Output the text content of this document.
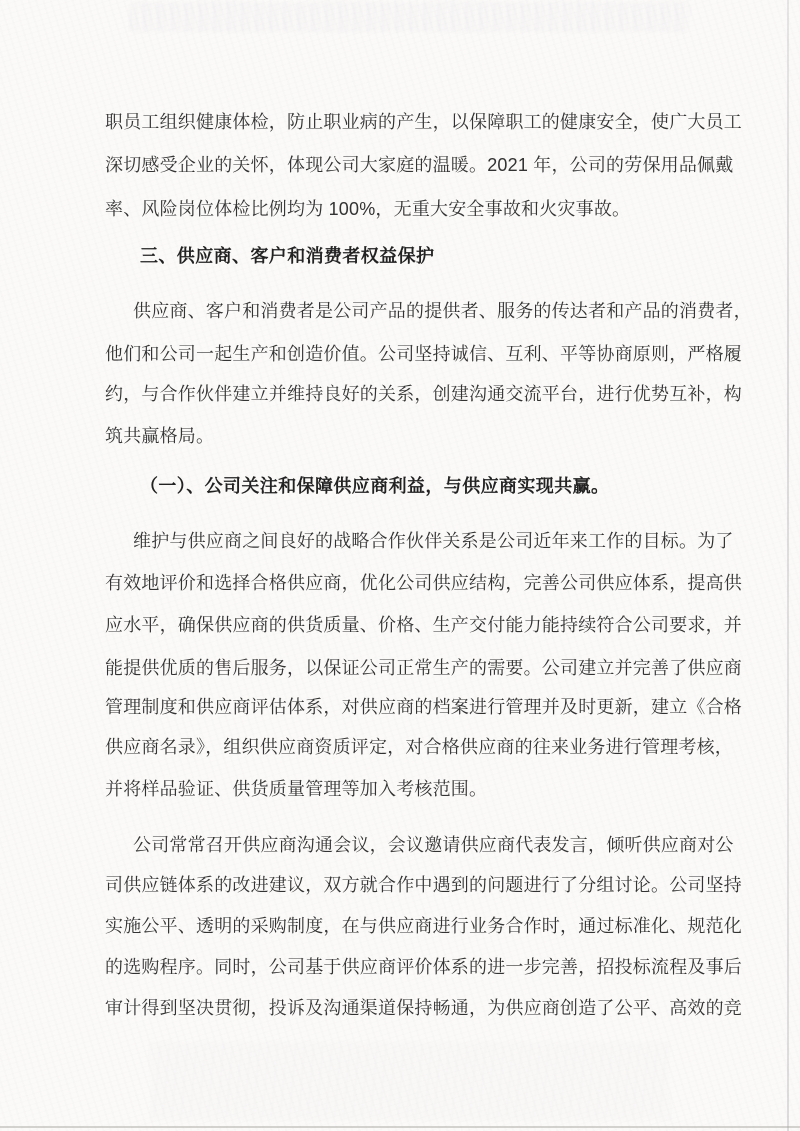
职员工组织健康体检，防止职业病的产生，以保障职工的健康安全，使广大员工
深切感受企业的关怀，体现公司大家庭的温暖。2021 年，公司的劳保用品佩戴
率、风险岗位体检比例均为 100%，无重大安全事故和火灾事故。
三、供应商、客户和消费者权益保护
供应商、客户和消费者是公司产品的提供者、服务的传达者和产品的消费者，
他们和公司一起生产和创造价值。公司坚持诚信、互利、平等协商原则，严格履
约，与合作伙伴建立并维持良好的关系，创建沟通交流平台，进行优势互补，构
筑共赢格局。
（一）、公司关注和保障供应商利益，与供应商实现共赢。
维护与供应商之间良好的战略合作伙伴关系是公司近年来工作的目标。为了
有效地评价和选择合格供应商，优化公司供应结构，完善公司供应体系，提高供
应水平，确保供应商的供货质量、价格、生产交付能力能持续符合公司要求，并
能提供优质的售后服务，以保证公司正常生产的需要。公司建立并完善了供应商
管理制度和供应商评估体系，对供应商的档案进行管理并及时更新，建立《合格
供应商名录》，组织供应商资质评定，对合格供应商的往来业务进行管理考核，
并将样品验证、供货质量管理等加入考核范围。
公司常常召开供应商沟通会议，会议邀请供应商代表发言，倾听供应商对公
司供应链体系的改进建议，双方就合作中遇到的问题进行了分组讨论。公司坚持
实施公平、透明的采购制度，在与供应商进行业务合作时，通过标准化、规范化
的选购程序。同时，公司基于供应商评价体系的进一步完善，招投标流程及事后
审计得到坚决贯彻，投诉及沟通渠道保持畅通，为供应商创造了公平、高效的竞
